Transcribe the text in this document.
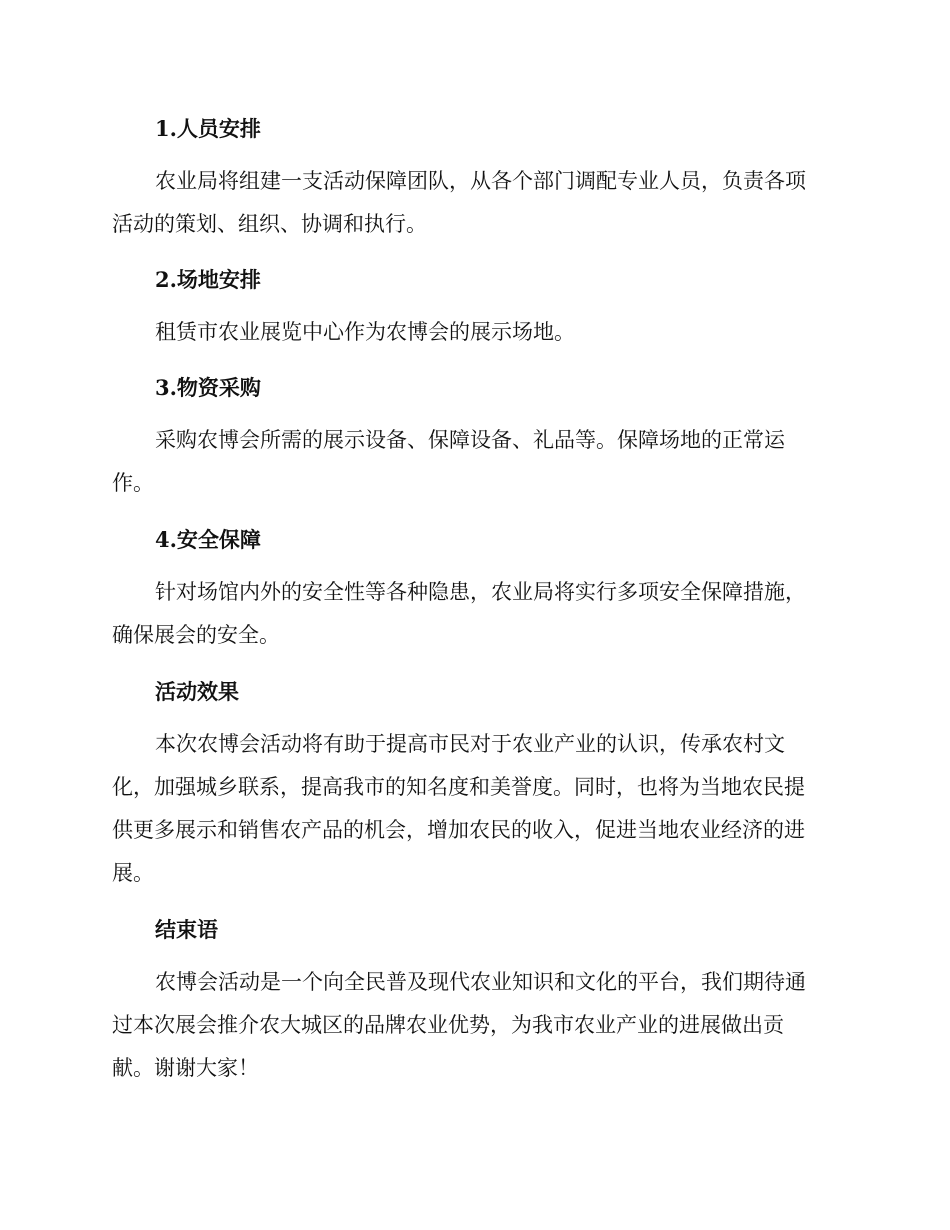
1.人员安排
农业局将组建一支活动保障团队，从各个部门调配专业人员，负责各项
活动的策划、组织、协调和执行。
2.场地安排
租赁市农业展览中心作为农博会的展示场地。
3.物资采购
采购农博会所需的展示设备、保障设备、礼品等。保障场地的正常运
作。
4.安全保障
针对场馆内外的安全性等各种隐患，农业局将实行多项安全保障措施，
确保展会的安全。
活动效果
本次农博会活动将有助于提高市民对于农业产业的认识，传承农村文
化，加强城乡联系，提高我市的知名度和美誉度。同时，也将为当地农民提
供更多展示和销售农产品的机会，增加农民的收入，促进当地农业经济的进
展。
结束语
农博会活动是一个向全民普及现代农业知识和文化的平台，我们期待通
过本次展会推介农大城区的品牌农业优势，为我市农业产业的进展做出贡
献。谢谢大家！
